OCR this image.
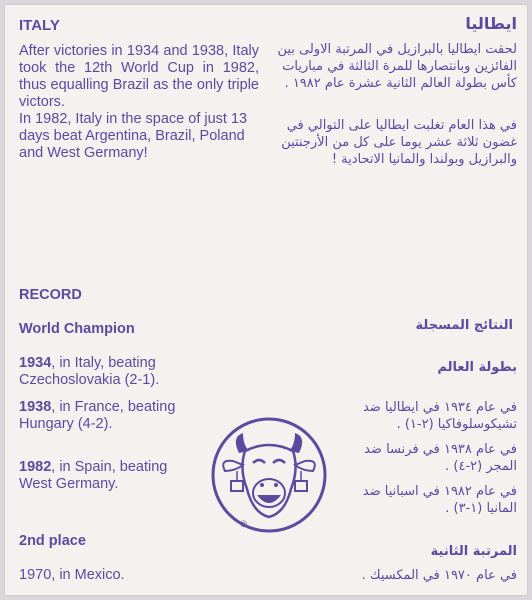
ITALY
After victories in 1934 and 1938, Italy took the 12th World Cup in 1982, thus equalling Brazil as the only triple victors.
In 1982, Italy in the space of just 13 days beat Argentina, Brazil, Poland and West Germany!
RECORD
World Champion
1934, in Italy, beating Czechoslovakia (2-1).
1938, in France, beating Hungary (4-2).
1982, in Spain, beating West Germany.
2nd place
1970, in Mexico.
ايطاليا
لحقت ايطاليا بالبرازيل في المرتبة الاولى بين الفائزين وبانتصارها للمرة الثالثة في مباريات كأس بطولة العالم الثانية عشرة عام ١٩٨٢ .
في هذا العام تغلبت ايطاليا على التوالي في غضون ثلاثة عشر يوما على كل من الأرجنتين والبرازيل وبولندا والمانيا الاتحادية !
النتائج المسجلة
بطولة العالم
في عام ١٩٣٤ في ايطاليا ضد تشيكوسلوفاكيا (٢-١) .
في عام ١٩٣٨ في فرنسا ضد المجر (٢-٤) .
في عام ١٩٨٢ في اسبانيا ضد المانيا (١-٣) .
المرتبة الثانية
في عام ١٩٧٠ في المكسيك .
®
